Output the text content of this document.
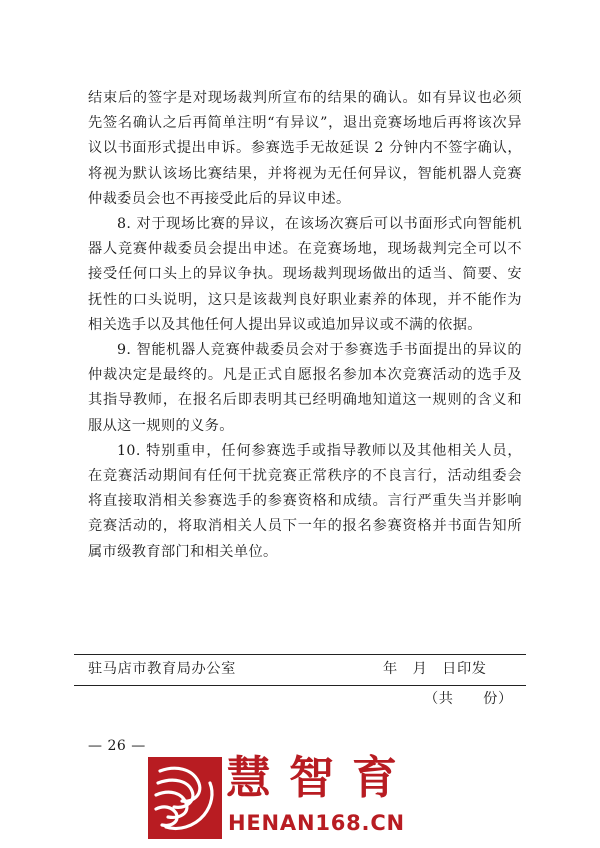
结束后的签字是对现场裁判所宣布的结果的确认。如有异议也必须先签名确认之后再简单注明“有异议”，退出竞赛场地后再将该次异议以书面形式提出申诉。参赛选手无故延误 2 分钟内不签字确认，将视为默认该场比赛结果，并将视为无任何异议，智能机器人竞赛仲裁委员会也不再接受此后的异议申述。

8. 对于现场比赛的异议，在该场次赛后可以书面形式向智能机器人竞赛仲裁委员会提出申述。在竞赛场地，现场裁判完全可以不接受任何口头上的异议争执。现场裁判现场做出的适当、简要、安抚性的口头说明，这只是该裁判良好职业素养的体现，并不能作为相关选手以及其他任何人提出异议或追加异议或不满的依据。

9. 智能机器人竞赛仲裁委员会对于参赛选手书面提出的异议的仲裁决定是最终的。凡是正式自愿报名参加本次竞赛活动的选手及其指导教师，在报名后即表明其已经明确地知道这一规则的含义和服从这一规则的义务。

10. 特别重申，任何参赛选手或指导教师以及其他相关人员，在竞赛活动期间有任何干扰竞赛正常秩序的不良言行，活动组委会将直接取消相关参赛选手的参赛资格和成绩。言行严重失当并影响竞赛活动的，将取消相关人员下一年的报名参赛资格并书面告知所属市级教育部门和相关单位。

驻马店市教育局办公室	年　月　日印发
（共　　份）
— 26 —
慧智育
HENAN168.CN
